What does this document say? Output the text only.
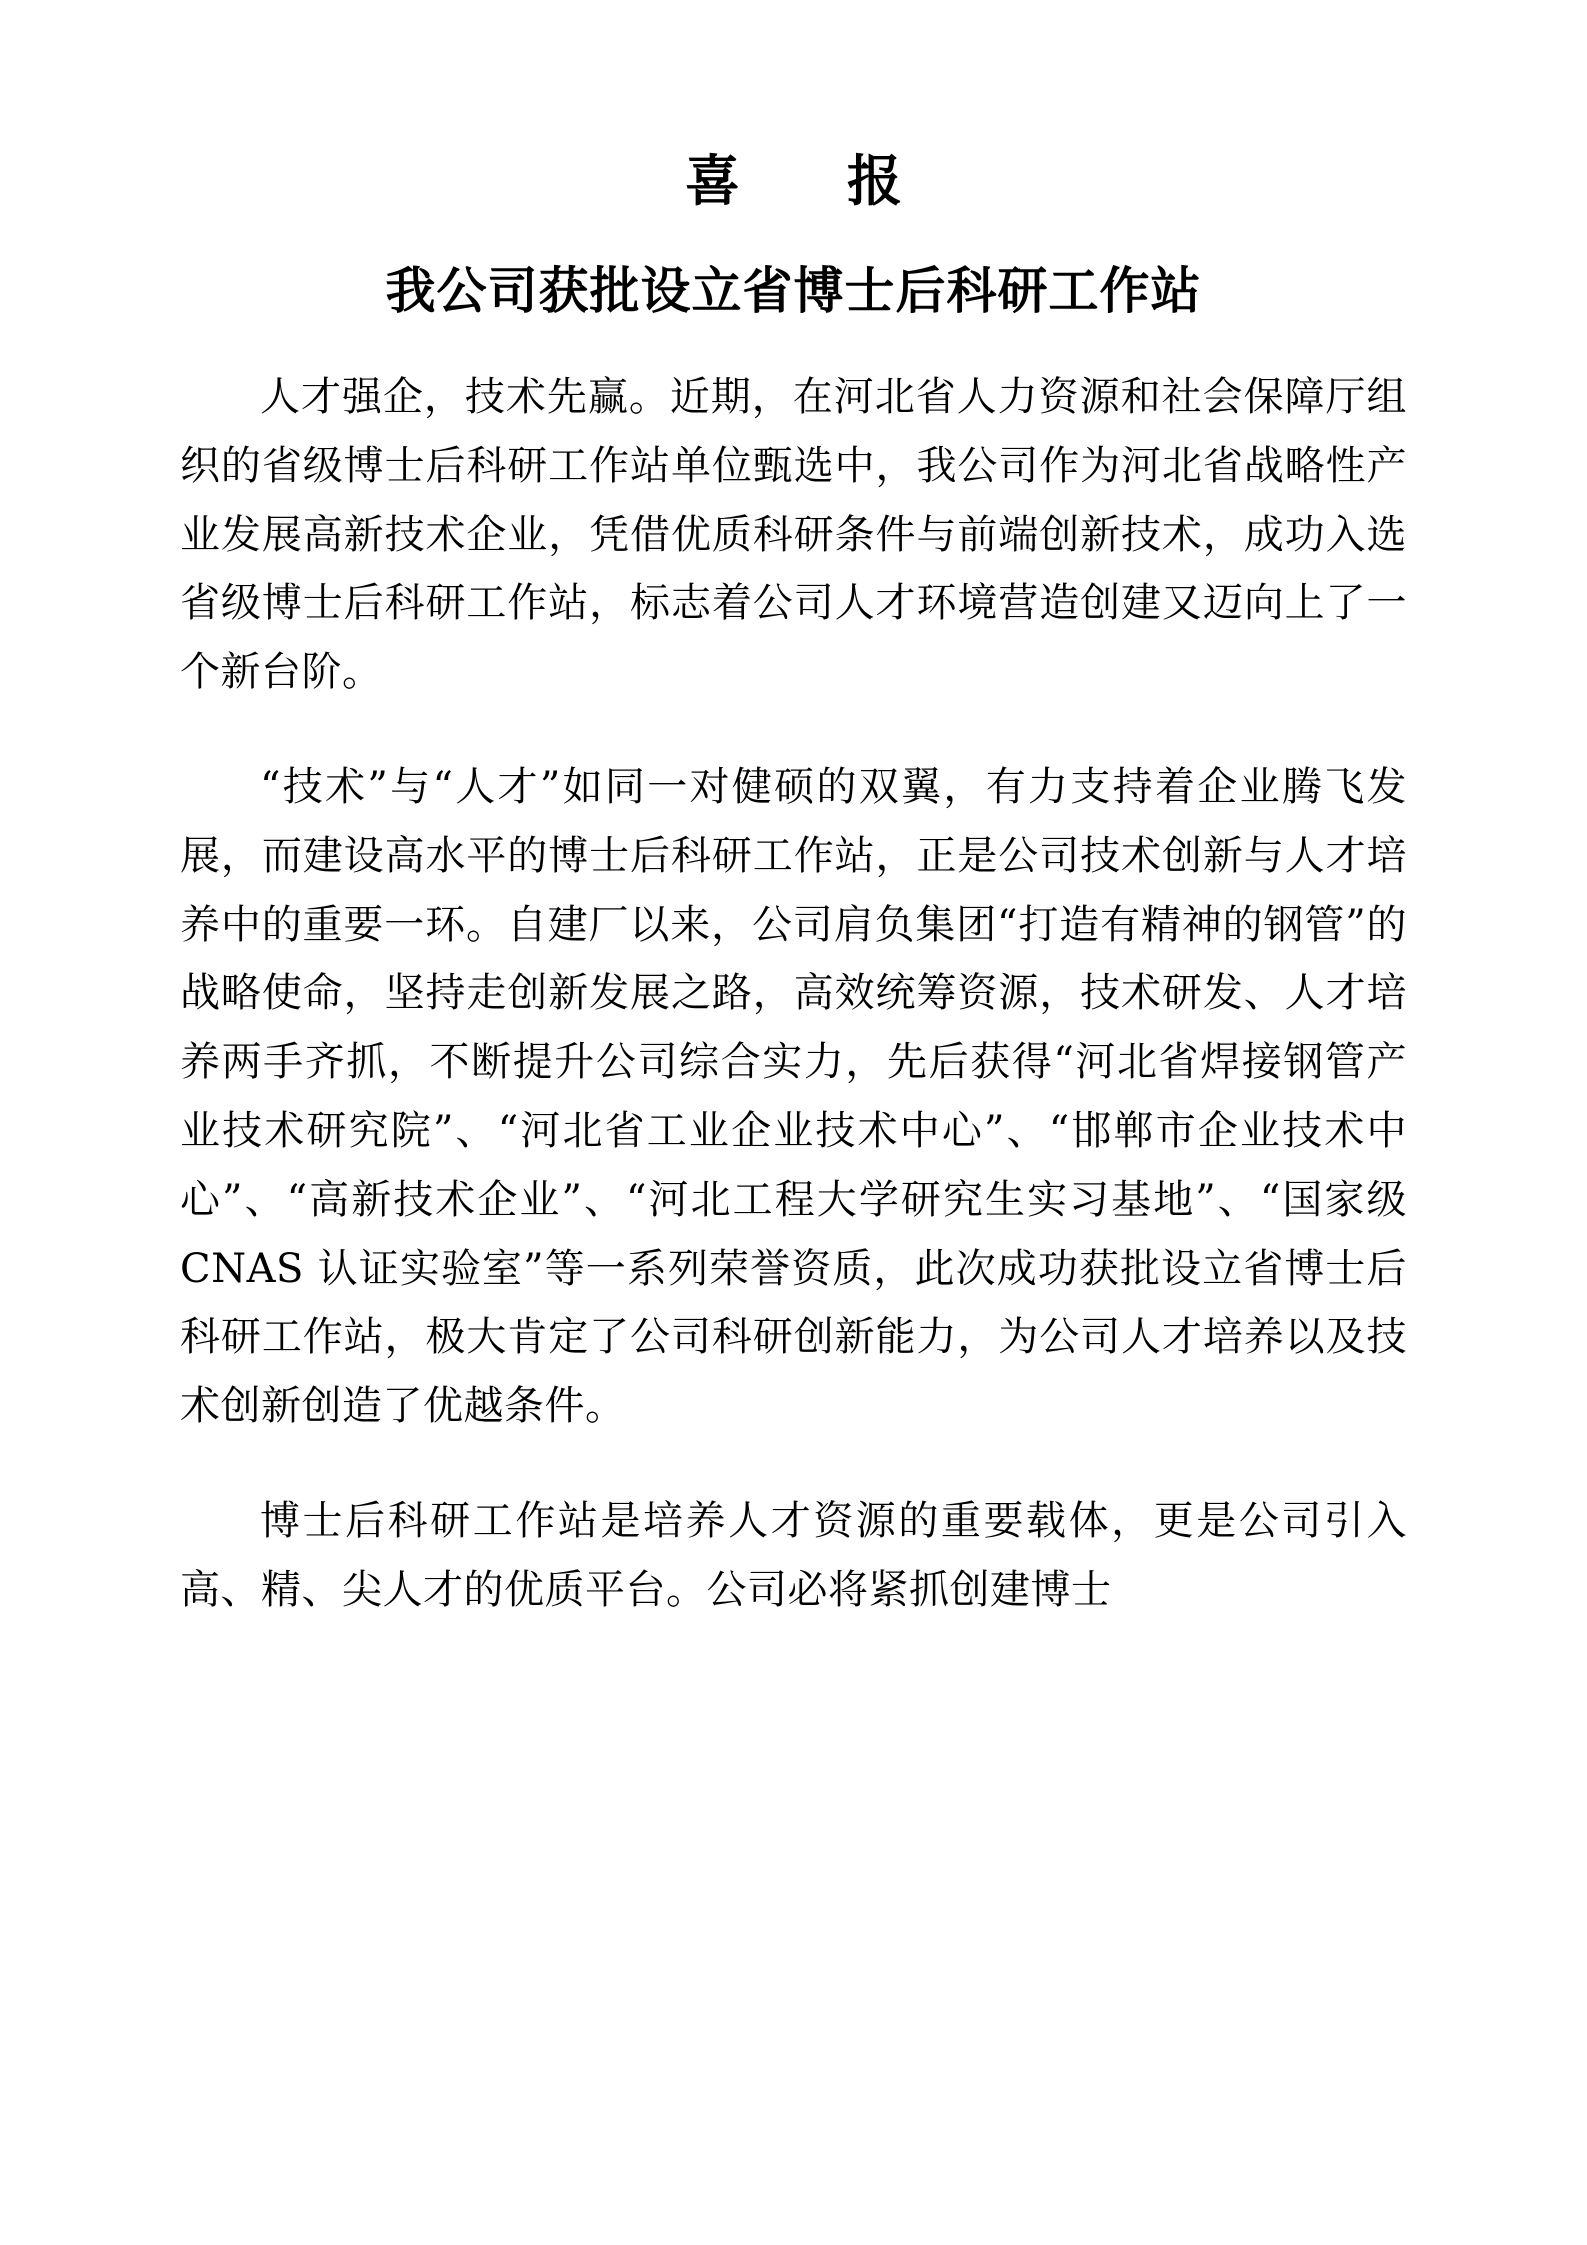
喜　报
我公司获批设立省博士后科研工作站

人才强企，技术先赢。近期，在河北省人力资源和社会保障厅组织的省级博士后科研工作站单位甄选中，我公司作为河北省战略性产业发展高新技术企业，凭借优质科研条件与前端创新技术，成功入选省级博士后科研工作站，标志着公司人才环境营造创建又迈向上了一个新台阶。

“技术”与“人才”如同一对健硕的双翼，有力支持着企业腾飞发展，而建设高水平的博士后科研工作站，正是公司技术创新与人才培养中的重要一环。自建厂以来，公司肩负集团“打造有精神的钢管”的战略使命，坚持走创新发展之路，高效统筹资源，技术研发、人才培养两手齐抓，不断提升公司综合实力，先后获得“河北省焊接钢管产业技术研究院”、“河北省工业企业技术中心”、“邯郸市企业技术中心”、“高新技术企业”、“河北工程大学研究生实习基地”、“国家级 CNAS 认证实验室”等一系列荣誉资质，此次成功获批设立省博士后科研工作站，极大肯定了公司科研创新能力，为公司人才培养以及技术创新创造了优越条件。

博士后科研工作站是培养人才资源的重要载体，更是公司引入高、精、尖人才的优质平台。公司必将紧抓创建博士
